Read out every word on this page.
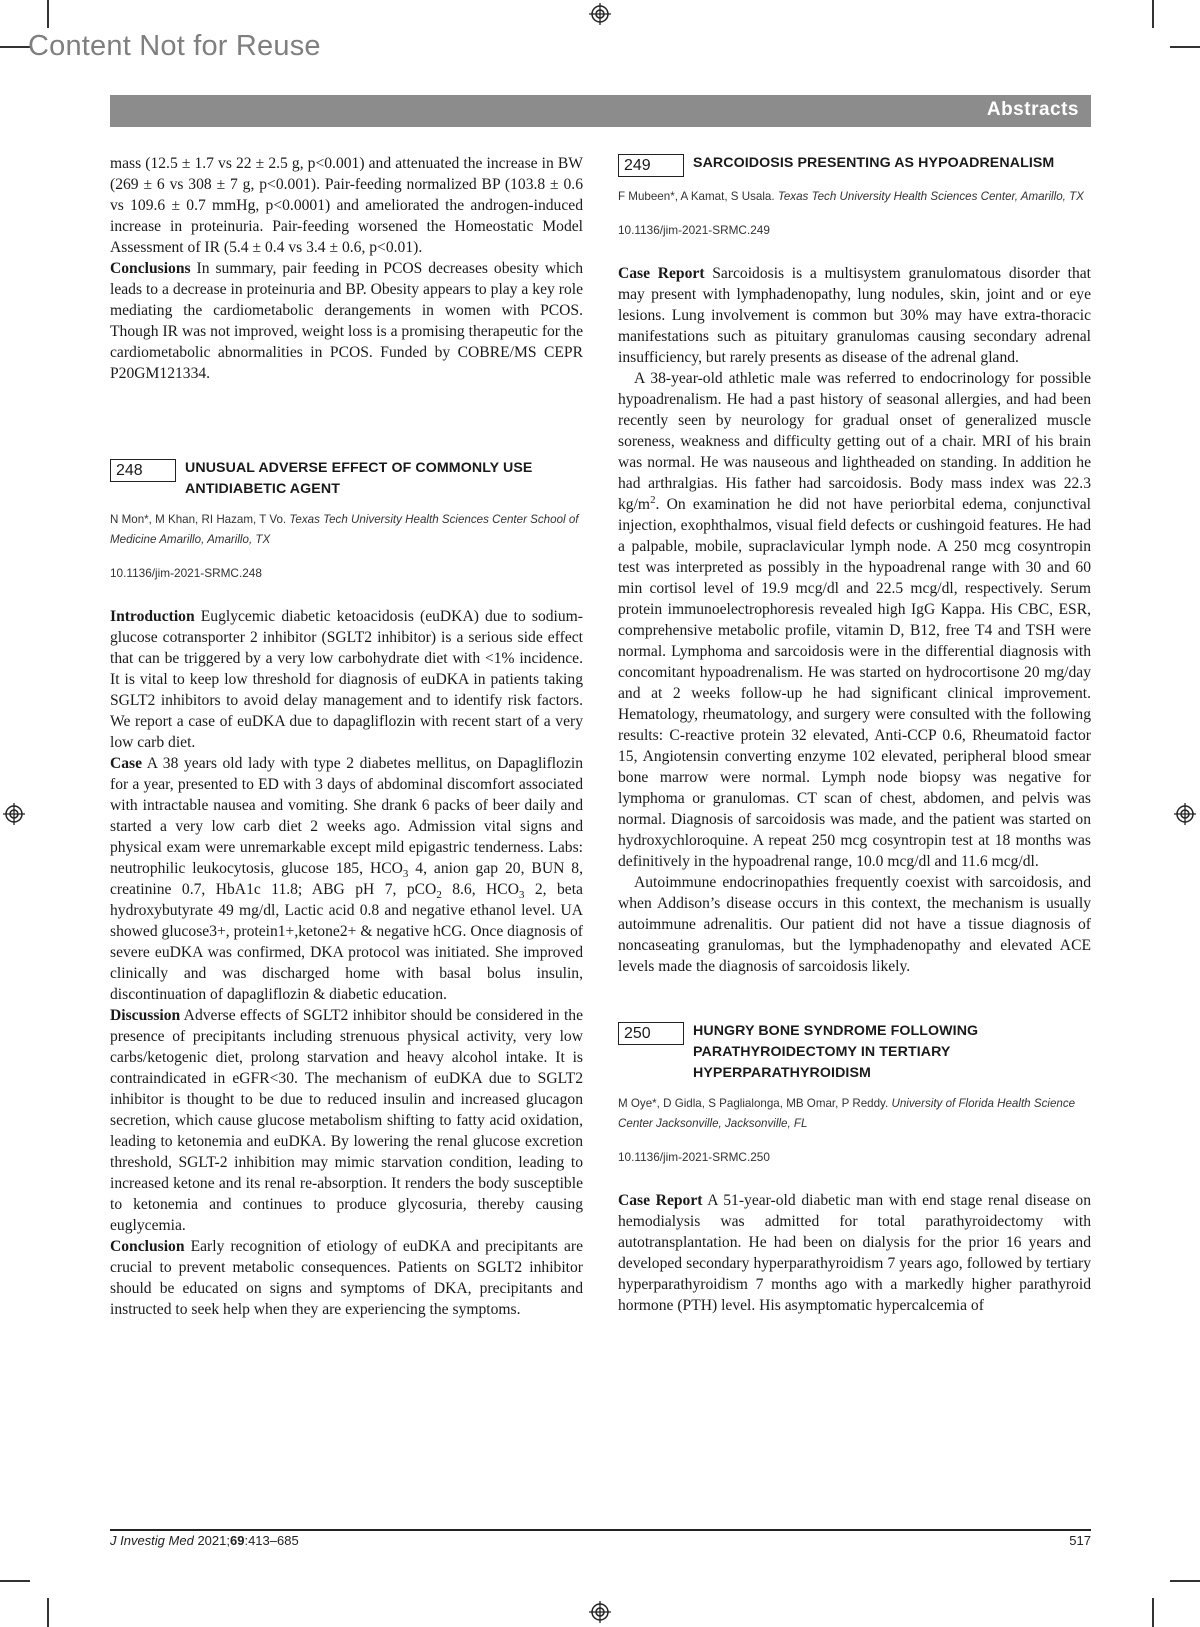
Content Not for Reuse
Abstracts

mass (12.5 ± 1.7 vs 22 ± 2.5 g, p<0.001) and attenuated the increase in BW (269 ± 6 vs 308 ± 7 g, p<0.001). Pair-feeding normalized BP (103.8 ± 0.6 vs 109.6 ± 0.7 mmHg, p<0.0001) and ameliorated the androgen-induced increase in proteinuria. Pair-feeding worsened the Homeostatic Model Assessment of IR (5.4 ± 0.4 vs 3.4 ± 0.6, p<0.01).

Conclusions In summary, pair feeding in PCOS decreases obesity which leads to a decrease in proteinuria and BP. Obesity appears to play a key role mediating the cardiometabolic derangements in women with PCOS. Though IR was not improved, weight loss is a promising therapeutic for the cardiometabolic abnormalities in PCOS. Funded by COBRE/MS CEPR P20GM121334.

248	UNUSUAL ADVERSE EFFECT OF COMMONLY USE ANTIDIABETIC AGENT
N Mon*, M Khan, RI Hazam, T Vo. Texas Tech University Health Sciences Center School of Medicine Amarillo, Amarillo, TX
10.1136/jim-2021-SRMC.248

Introduction Euglycemic diabetic ketoacidosis (euDKA) due to sodium-glucose cotransporter 2 inhibitor (SGLT2 inhibitor) is a serious side effect that can be triggered by a very low carbohydrate diet with <1% incidence. It is vital to keep low threshold for diagnosis of euDKA in patients taking SGLT2 inhibitors to avoid delay management and to identify risk factors. We report a case of euDKA due to dapagliflozin with recent start of a very low carb diet.

Case A 38 years old lady with type 2 diabetes mellitus, on Dapagliflozin for a year, presented to ED with 3 days of abdominal discomfort associated with intractable nausea and vomiting. She drank 6 packs of beer daily and started a very low carb diet 2 weeks ago. Admission vital signs and physical exam were unremarkable except mild epigastric tenderness. Labs: neutrophilic leukocytosis, glucose 185, $HCO_3$ 4, anion gap 20, BUN 8, creatinine 0.7, HbA1c 11.8; ABG pH 7, pCO$_2$ 8.6, $HCO_3$ 2, beta hydroxybutyrate 49 mg/dl, Lactic acid 0.8 and negative ethanol level. UA showed glucose3+, protein1+,ketone2+ & negative hCG. Once diagnosis of severe euDKA was confirmed, DKA protocol was initiated. She improved clinically and was discharged home with basal bolus insulin, discontinuation of dapagliflozin & diabetic education.

Discussion Adverse effects of SGLT2 inhibitor should be considered in the presence of precipitants including strenuous physical activity, very low carbs/ketogenic diet, prolong starvation and heavy alcohol intake. It is contraindicated in eGFR<30. The mechanism of euDKA due to SGLT2 inhibitor is thought to be due to reduced insulin and increased glucagon secretion, which cause glucose metabolism shifting to fatty acid oxidation, leading to ketonemia and euDKA. By lowering the renal glucose excretion threshold, SGLT-2 inhibition may mimic starvation condition, leading to increased ketone and its renal re-absorption. It renders the body susceptible to ketonemia and continues to produce glycosuria, thereby causing euglycemia.

Conclusion Early recognition of etiology of euDKA and precipitants are crucial to prevent metabolic consequences. Patients on SGLT2 inhibitor should be educated on signs and symptoms of DKA, precipitants and instructed to seek help when they are experiencing the symptoms.

249	SARCOIDOSIS PRESENTING AS HYPOADRENALISM
F Mubeen*, A Kamat, S Usala. Texas Tech University Health Sciences Center, Amarillo, TX
10.1136/jim-2021-SRMC.249

Case Report Sarcoidosis is a multisystem granulomatous disorder that may present with lymphadenopathy, lung nodules, skin, joint and or eye lesions. Lung involvement is common but 30% may have extra-thoracic manifestations such as pituitary granulomas causing secondary adrenal insufficiency, but rarely presents as disease of the adrenal gland.

A 38-year-old athletic male was referred to endocrinology for possible hypoadrenalism. He had a past history of seasonal allergies, and had been recently seen by neurology for gradual onset of generalized muscle soreness, weakness and difficulty getting out of a chair. MRI of his brain was normal. He was nauseous and lightheaded on standing. In addition he had arthralgias. His father had sarcoidosis. Body mass index was 22.3 $kg/m^2$. On examination he did not have periorbital edema, conjunctival injection, exophthalmos, visual field defects or cushingoid features. He had a palpable, mobile, supraclavicular lymph node. A 250 mcg cosyntropin test was interpreted as possibly in the hypoadrenal range with 30 and 60 min cortisol level of 19.9 mcg/dl and 22.5 mcg/dl, respectively. Serum protein immunoelectrophoresis revealed high IgG Kappa. His CBC, ESR, comprehensive metabolic profile, vitamin D, B12, free T4 and TSH were normal. Lymphoma and sarcoidosis were in the differential diagnosis with concomitant hypoadrenalism. He was started on hydrocortisone 20 mg/day and at 2 weeks follow-up he had significant clinical improvement. Hematology, rheumatology, and surgery were consulted with the following results: C-reactive protein 32 elevated, Anti-CCP 0.6, Rheumatoid factor 15, Angiotensin converting enzyme 102 elevated, peripheral blood smear bone marrow were normal. Lymph node biopsy was negative for lymphoma or granulomas. CT scan of chest, abdomen, and pelvis was normal. Diagnosis of sarcoidosis was made, and the patient was started on hydroxychloroquine. A repeat 250 mcg cosyntropin test at 18 months was definitively in the hypoadrenal range, 10.0 mcg/dl and 11.6 mcg/dl.

Autoimmune endocrinopathies frequently coexist with sarcoidosis, and when Addison’s disease occurs in this context, the mechanism is usually autoimmune adrenalitis. Our patient did not have a tissue diagnosis of noncaseating granulomas, but the lymphadenopathy and elevated ACE levels made the diagnosis of sarcoidosis likely.

250	HUNGRY BONE SYNDROME FOLLOWING PARATHYROIDECTOMY IN TERTIARY HYPERPARATHYROIDISM
M Oye*, D Gidla, S Paglialonga, MB Omar, P Reddy. University of Florida Health Science Center Jacksonville, Jacksonville, FL
10.1136/jim-2021-SRMC.250

Case Report A 51-year-old diabetic man with end stage renal disease on hemodialysis was admitted for total parathyroidectomy with autotransplantation. He had been on dialysis for the prior 16 years and developed secondary hyperparathyroidism 7 years ago, followed by tertiary hyperparathyroidism 7 months ago with a markedly higher parathyroid hormone (PTH) level. His asymptomatic hypercalcemia of

J Investig Med 2021;69:413–685	517
